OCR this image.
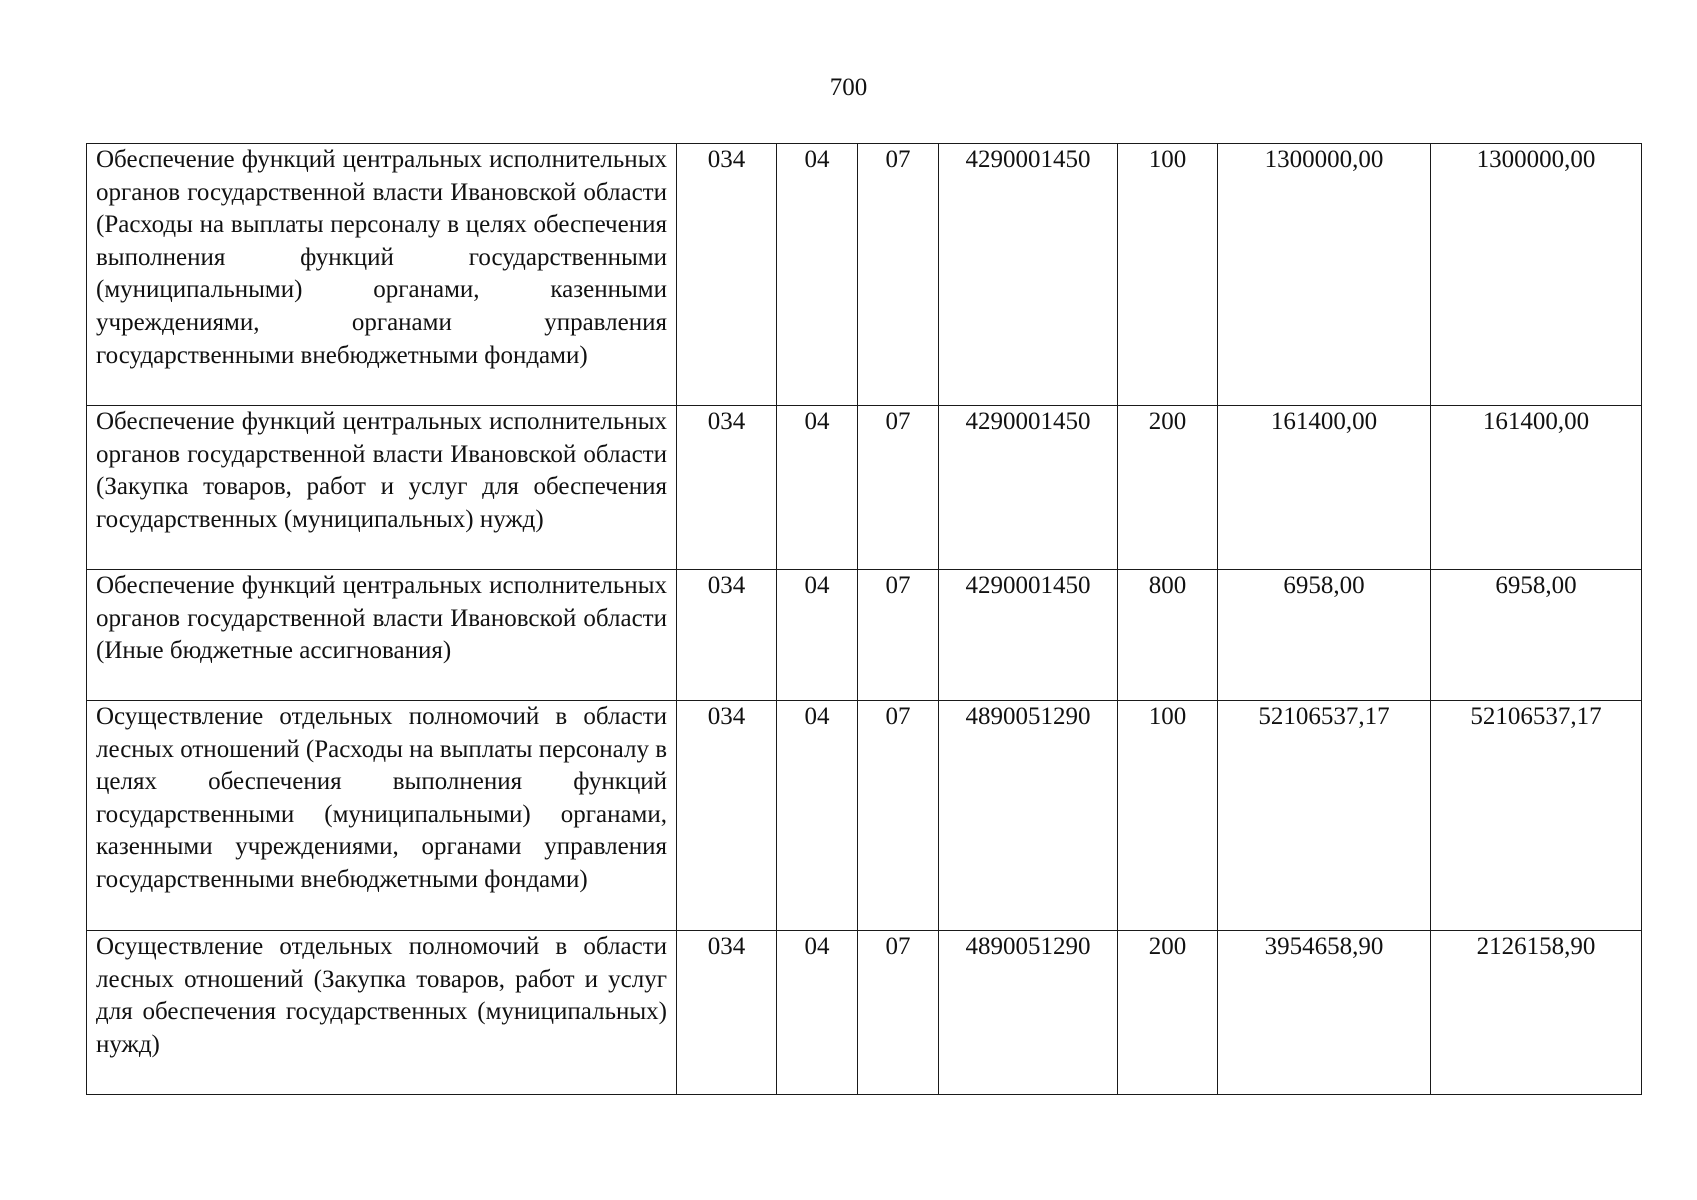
700
Обеспечение функций центральных исполнительных органов государственной власти Ивановской области (Расходы на выплаты персоналу в целях обеспечения выполнения функций государственными (муниципальными) органами, казенными учреждениями, органами управления государственными внебюджетными фондами)	034	04	07	4290001450	100	1300000,00	1300000,00
Обеспечение функций центральных исполнительных органов государственной власти Ивановской области (Закупка товаров, работ и услуг для обеспечения государственных (муниципальных) нужд)	034	04	07	4290001450	200	161400,00	161400,00
Обеспечение функций центральных исполнительных органов государственной власти Ивановской области (Иные бюджетные ассигнования)	034	04	07	4290001450	800	6958,00	6958,00
Осуществление отдельных полномочий в области лесных отношений (Расходы на выплаты персоналу в целях обеспечения выполнения функций государственными (муниципальными) органами, казенными учреждениями, органами управления государственными внебюджетными фондами)	034	04	07	4890051290	100	52106537,17	52106537,17
Осуществление отдельных полномочий в области лесных отношений (Закупка товаров, работ и услуг для обеспечения государственных (муниципальных) нужд)	034	04	07	4890051290	200	3954658,90	2126158,90
